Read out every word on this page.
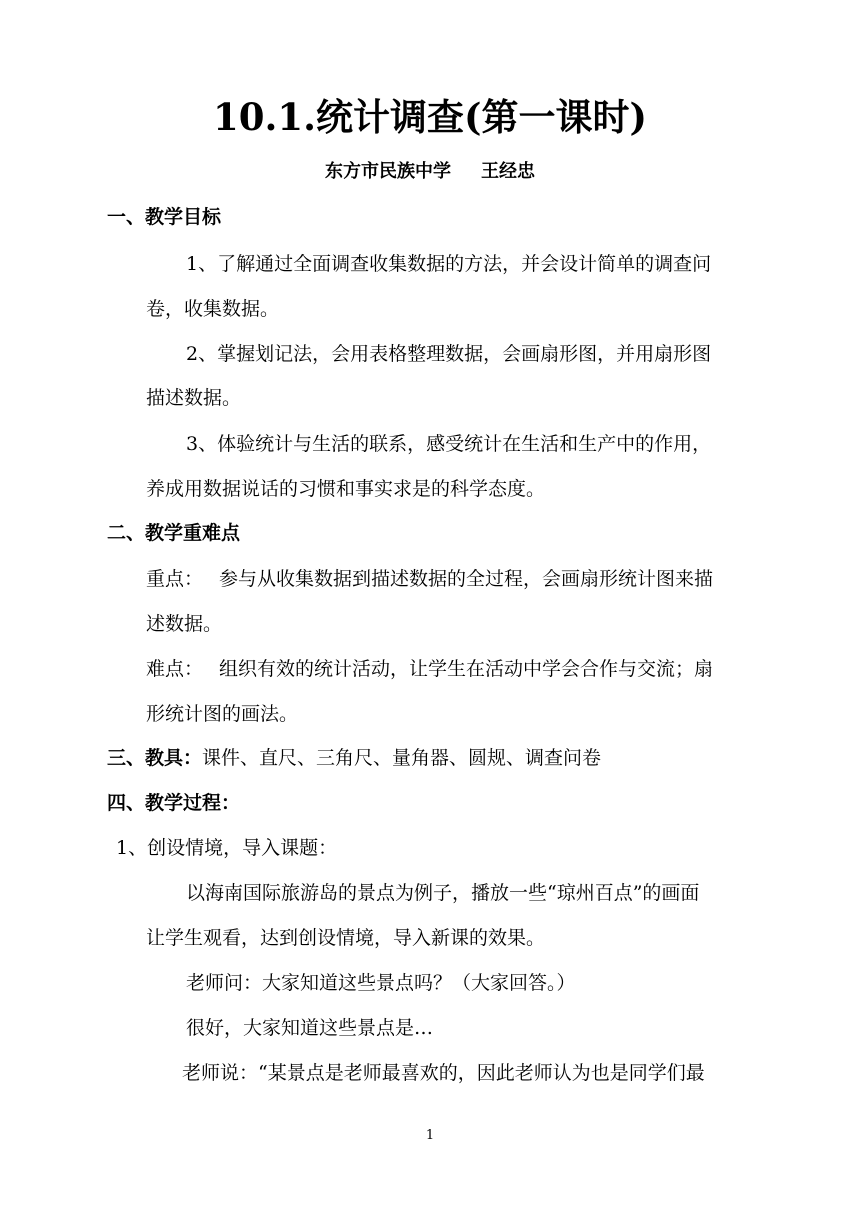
10.1.统计调查(第一课时)
东方市民族中学 王经忠
一、教学目标
1、了解通过全面调查收集数据的方法，并会设计简单的调查问
卷，收集数据。
2、掌握划记法，会用表格整理数据，会画扇形图，并用扇形图
描述数据。
3、体验统计与生活的联系，感受统计在生活和生产中的作用，
养成用数据说话的习惯和事实求是的科学态度。
二、教学重难点
重点： 参与从收集数据到描述数据的全过程，会画扇形统计图来描
述数据。
难点： 组织有效的统计活动，让学生在活动中学会合作与交流；扇
形统计图的画法。
三、教具：课件、直尺、三角尺、量角器、圆规、调查问卷
四、教学过程：
1、创设情境，导入课题：
以海南国际旅游岛的景点为例子，播放一些“琼州百点”的画面
让学生观看，达到创设情境，导入新课的效果。
老师问：大家知道这些景点吗？（大家回答。）
很好，大家知道这些景点是…
老师说：“某景点是老师最喜欢的，因此老师认为也是同学们最
1
